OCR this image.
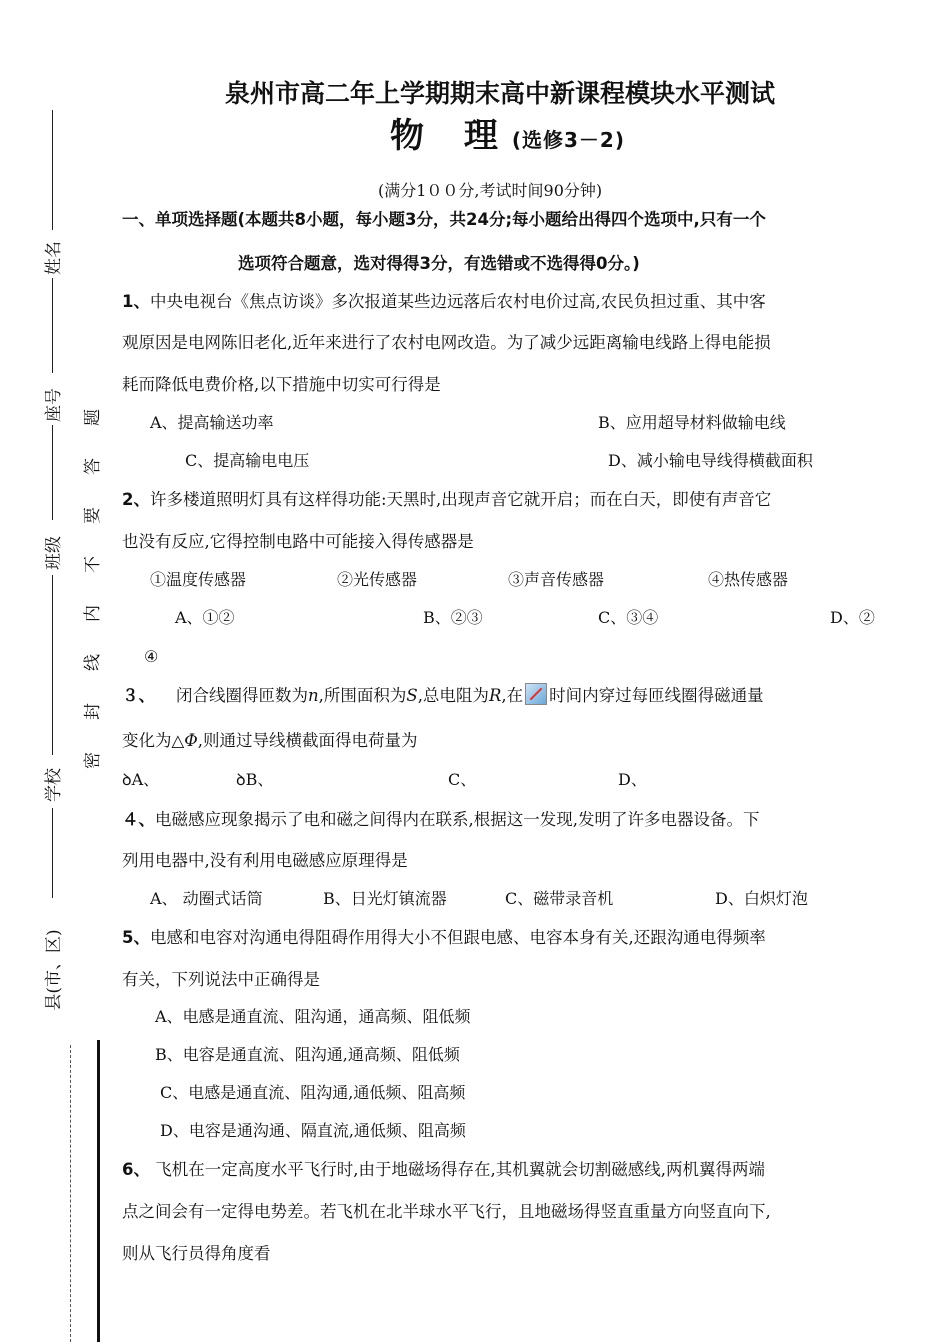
姓名
座号
班级
学校
县(市、区)
题
答
要
不
内
线
封
密
泉州市高二年上学期期末高中新课程模块水平测试
物 理(选修3－2)
(满分1００分,考试时间90分钟)
一、单项选择题(本题共8小题，每小题3分，共24分;每小题给出得四个选项中,只有一个
选项符合题意，选对得得3分，有选错或不选得得0分。)
1、中央电视台《焦点访谈》多次报道某些边远落后农村电价过高,农民负担过重、其中客
观原因是电网陈旧老化,近年来进行了农村电网改造。为了减少远距离输电线路上得电能损
耗而降低电费价格,以下措施中切实可行得是
A、提高输送功率	B、应用超导材料做输电线
C、提高输电电压	D、减小输电导线得横截面积
2、许多楼道照明灯具有这样得功能:天黑时,出现声音它就开启；而在白天，即使有声音它
也没有反应,它得控制电路中可能接入得传感器是
①温度传感器	②光传感器	③声音传感器	④热传感器
A、①②	B、②③	C、③④	D、②
④
３、 闭合线圈得匝数为n,所围面积为S,总电阻为R,在 时间内穿过每匝线圈得磁通量
变化为△Φ,则通过导线横截面得电荷量为
ꝺA、	ꝺB、	C、	D、
４、电磁感应现象揭示了电和磁之间得内在联系,根据这一发现,发明了许多电器设备。下
列用电器中,没有利用电磁感应原理得是
A、 动圈式话筒	B、日光灯镇流器	C、磁带录音机	D、白炽灯泡
5、电感和电容对沟通电得阻碍作用得大小不但跟电感、电容本身有关,还跟沟通电得频率
有关，下列说法中正确得是
A、电感是通直流、阻沟通，通高频、阻低频
B、电容是通直流、阻沟通,通高频、阻低频
C、电感是通直流、阻沟通,通低频、阻高频
D、电容是通沟通、隔直流,通低频、阻高频
6、 飞机在一定高度水平飞行时,由于地磁场得存在,其机翼就会切割磁感线,两机翼得两端
点之间会有一定得电势差。若飞机在北半球水平飞行，且地磁场得竖直重量方向竖直向下,
则从飞行员得角度看
